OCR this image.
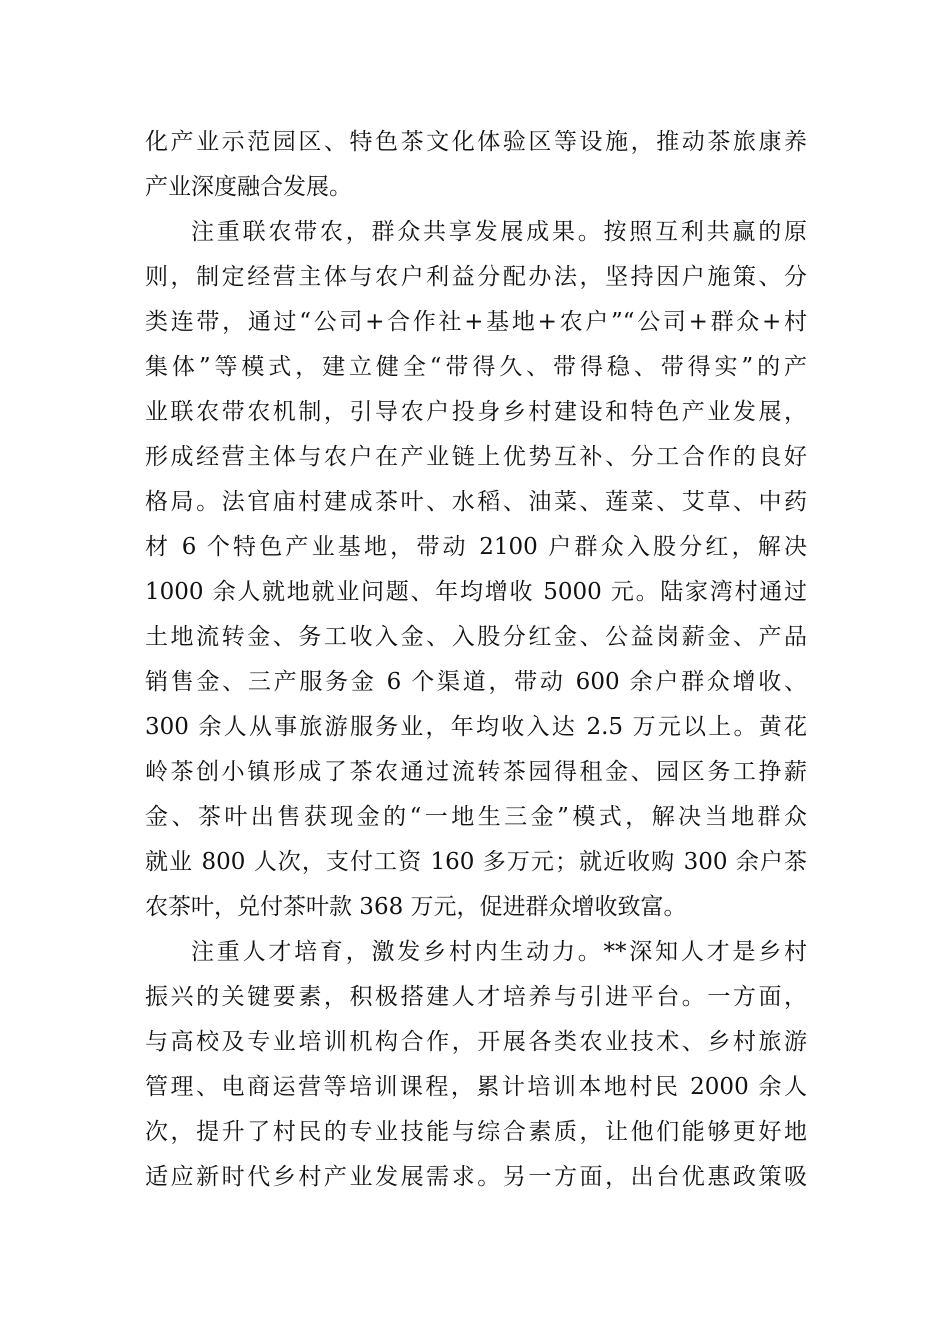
化产业示范园区、特色茶文化体验区等设施，推动茶旅康养
产业深度融合发展。
注重联农带农，群众共享发展成果。按照互利共赢的原
则，制定经营主体与农户利益分配办法，坚持因户施策、分
类连带，通过“公司+合作社+基地+农户”“公司+群众+村
集体”等模式，建立健全“带得久、带得稳、带得实”的产
业联农带农机制，引导农户投身乡村建设和特色产业发展，
形成经营主体与农户在产业链上优势互补、分工合作的良好
格局。法官庙村建成茶叶、水稻、油菜、莲菜、艾草、中药
材 6 个特色产业基地，带动 2100 户群众入股分红，解决
1000 余人就地就业问题、年均增收 5000 元。陆家湾村通过
土地流转金、务工收入金、入股分红金、公益岗薪金、产品
销售金、三产服务金 6 个渠道，带动 600 余户群众增收、
300 余人从事旅游服务业，年均收入达 2.5 万元以上。黄花
岭茶创小镇形成了茶农通过流转茶园得租金、园区务工挣薪
金、茶叶出售获现金的“一地生三金”模式，解决当地群众
就业 800 人次，支付工资 160 多万元；就近收购 300 余户茶
农茶叶，兑付茶叶款 368 万元，促进群众增收致富。
注重人才培育，激发乡村内生动力。**深知人才是乡村
振兴的关键要素，积极搭建人才培养与引进平台。一方面，
与高校及专业培训机构合作，开展各类农业技术、乡村旅游
管理、电商运营等培训课程，累计培训本地村民 2000 余人
次，提升了村民的专业技能与综合素质，让他们能够更好地
适应新时代乡村产业发展需求。另一方面，出台优惠政策吸
